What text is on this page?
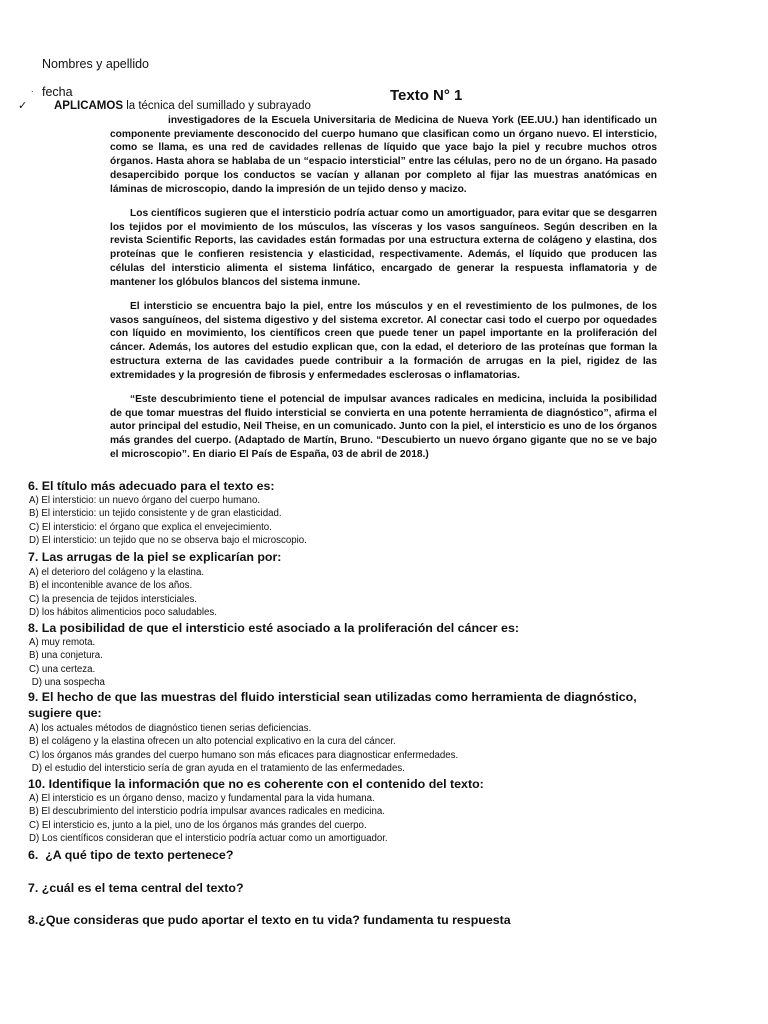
Nombres y apellido
. fecha
✓ APLICAMOS la técnica del sumillado y subrayado
Texto N° 1

investigadores de la Escuela Universitaria de Medicina de Nueva York (EE.UU.) han identificado un componente previamente desconocido del cuerpo humano que clasifican como un órgano nuevo. El intersticio, como se llama, es una red de cavidades rellenas de líquido que yace bajo la piel y recubre muchos otros órganos. Hasta ahora se hablaba de un “espacio intersticial” entre las células, pero no de un órgano. Ha pasado desapercibido porque los conductos se vacían y allanan por completo al fijar las muestras anatómicas en láminas de microscopio, dando la impresión de un tejido denso y macizo.

Los científicos sugieren que el intersticio podría actuar como un amortiguador, para evitar que se desgarren los tejidos por el movimiento de los músculos, las vísceras y los vasos sanguíneos. Según describen en la revista Scientific Reports, las cavidades están formadas por una estructura externa de colágeno y elastina, dos proteínas que le confieren resistencia y elasticidad, respectivamente. Además, el líquido que producen las células del intersticio alimenta el sistema linfático, encargado de generar la respuesta inflamatoria y de mantener los glóbulos blancos del sistema inmune.

El intersticio se encuentra bajo la piel, entre los músculos y en el revestimiento de los pulmones, de los vasos sanguíneos, del sistema digestivo y del sistema excretor. Al conectar casi todo el cuerpo por oquedades con líquido en movimiento, los científicos creen que puede tener un papel importante en la proliferación del cáncer. Además, los autores del estudio explican que, con la edad, el deterioro de las proteínas que forman la estructura externa de las cavidades puede contribuir a la formación de arrugas en la piel, rigidez de las extremidades y la progresión de fibrosis y enfermedades esclerosas o inflamatorias.

“Este descubrimiento tiene el potencial de impulsar avances radicales en medicina, incluida la posibilidad de que tomar muestras del fluido intersticial se convierta en una potente herramienta de diagnóstico”, afirma el autor principal del estudio, Neil Theise, en un comunicado. Junto con la piel, el intersticio es uno de los órganos más grandes del cuerpo. (Adaptado de Martín, Bruno. “Descubierto un nuevo órgano gigante que no se ve bajo el microscopio”. En diario El País de España, 03 de abril de 2018.)

6. El título más adecuado para el texto es:

A) El intersticio: un nuevo órgano del cuerpo humano.
B) El intersticio: un tejido consistente y de gran elasticidad.
C) El intersticio: el órgano que explica el envejecimiento.
D) El intersticio: un tejido que no se observa bajo el microscopio.

7. Las arrugas de la piel se explicarían por:

A) el deterioro del colágeno y la elastina.
B) el incontenible avance de los años.
C) la presencia de tejidos intersticiales.
D) los hábitos alimenticios poco saludables.

8. La posibilidad de que el intersticio esté asociado a la proliferación del cáncer es:

A) muy remota.
B) una conjetura.
C) una certeza.
D) una sospecha

9. El hecho de que las muestras del fluido intersticial sean utilizadas como herramienta de diagnóstico, sugiere que:

A) los actuales métodos de diagnóstico tienen serias deficiencias.
B) el colágeno y la elastina ofrecen un alto potencial explicativo en la cura del cáncer.
C) los órganos más grandes del cuerpo humano son más eficaces para diagnosticar enfermedades.
D) el estudio del intersticio sería de gran ayuda en el tratamiento de las enfermedades.

10. Identifique la información que no es coherente con el contenido del texto:

A) El intersticio es un órgano denso, macizo y fundamental para la vida humana.
B) El descubrimiento del intersticio podría impulsar avances radicales en medicina.
C) El intersticio es, junto a la piel, uno de los órganos más grandes del cuerpo.
D) Los científicos consideran que el intersticio podría actuar como un amortiguador.

6.  ¿A qué tipo de texto pertenece?

7. ¿cuál es el tema central del texto?

8.¿Que consideras que pudo aportar el texto en tu vida? fundamenta tu respuesta
